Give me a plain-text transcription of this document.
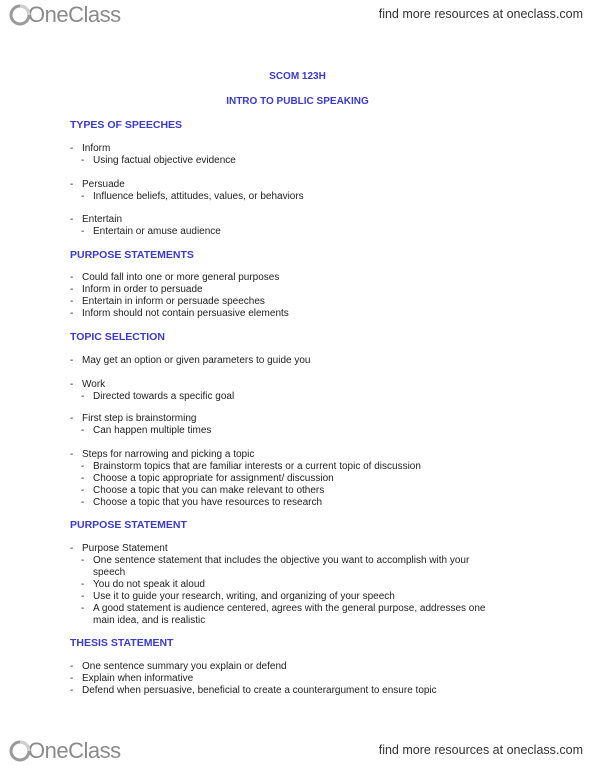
OneClass	find more resources at oneclass.com
SCOM 123H
INTRO TO PUBLIC SPEAKING
TYPES OF SPEECHES
- Inform
- Using factual objective evidence
- Persuade
- Influence beliefs, attitudes, values, or behaviors
- Entertain
- Entertain or amuse audience
PURPOSE STATEMENTS
- Could fall into one or more general purposes
- Inform in order to persuade
- Entertain in inform or persuade speeches
- Inform should not contain persuasive elements
TOPIC SELECTION
- May get an option or given parameters to guide you
- Work
- Directed towards a specific goal
- First step is brainstorming
- Can happen multiple times
- Steps for narrowing and picking a topic
- Brainstorm topics that are familiar interests or a current topic of discussion
- Choose a topic appropriate for assignment/ discussion
- Choose a topic that you can make relevant to others
- Choose a topic that you have resources to research
PURPOSE STATEMENT
- Purpose Statement
- One sentence statement that includes the objective you want to accomplish with your
speech
- You do not speak it aloud
- Use it to guide your research, writing, and organizing of your speech
- A good statement is audience centered, agrees with the general purpose, addresses one
main idea, and is realistic
THESIS STATEMENT
- One sentence summary you explain or defend
- Explain when informative
- Defend when persuasive, beneficial to create a counterargument to ensure topic
OneClass	find more resources at oneclass.com
